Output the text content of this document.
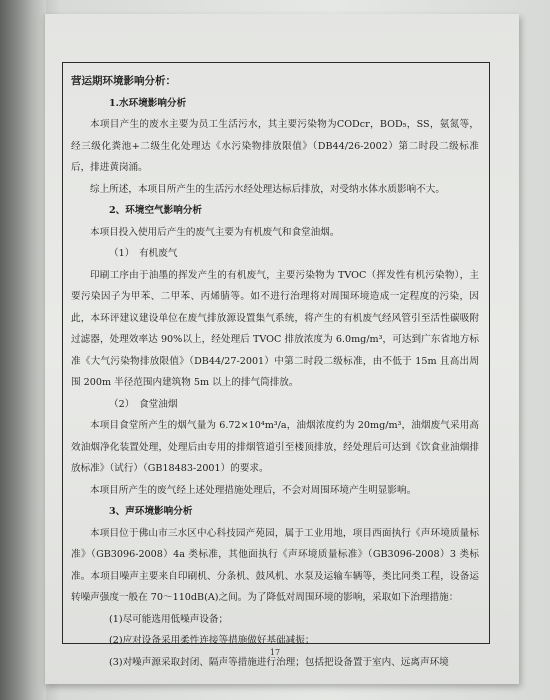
营运期环境影响分析：

1.水环境影响分析

本项目产生的废水主要为员工生活污水，其主要污染物为CODcr，BOD₅，SS，氨氮等，经三级化粪池+二级生化处理达《水污染物排放限值》（DB44/26-2002）第二时段二级标准后，排进黄岗涌。

综上所述，本项目所产生的生活污水经处理达标后排放，对受纳水体水质影响不大。

2、环境空气影响分析

本项目投入使用后产生的废气主要为有机废气和食堂油烟。

（1）　有机废气

印刷工序由于油墨的挥发产生的有机废气，主要污染物为 TVOC（挥发性有机污染物），主要污染因子为甲苯、二甲苯、丙烯腈等。如不进行治理将对周围环境造成一定程度的污染，因此，本环评建议建设单位在废气排放源设置集气系统，将产生的有机废气经风管引至活性碳吸附过滤器，处理效率达 90%以上，经处理后 TVOC 排放浓度为 6.0mg/m³，可达到广东省地方标准《大气污染物排放限值》（DB44/27-2001）中第二时段二级标准，由不低于 15m 且高出周围 200m 半径范围内建筑物 5m 以上的排气筒排放。

（2）　食堂油烟

本项目食堂所产生的烟气量为 6.72×10⁴m³/a，油烟浓度约为 20mg/m³，油烟废气采用高效油烟净化装置处理，处理后由专用的排烟管道引至楼顶排放，经处理后可达到《饮食业油烟排放标准》（试行）（GB18483-2001）的要求。

本项目所产生的废气经上述处理措施处理后，不会对周围环境产生明显影响。

3、声环境影响分析

本项目位于佛山市三水区中心科技园产苑园，属于工业用地，项目西面执行《声环境质量标准》（GB3096-2008）4a 类标准，其他面执行《声环境质量标准》（GB3096-2008）3 类标准。本项目噪声主要来自印刷机、分条机、鼓风机、水泵及运输车辆等，类比同类工程，设备运转噪声强度一般在 70～110dB(A)之间。为了降低对周围环境的影响，采取如下治理措施：

(1)尽可能选用低噪声设备；

(2)应对设备采用柔性连接等措施做好基础减振；

(3)对噪声源采取封闭、隔声等措施进行治理；包括把设备置于室内、远离声环境

17
